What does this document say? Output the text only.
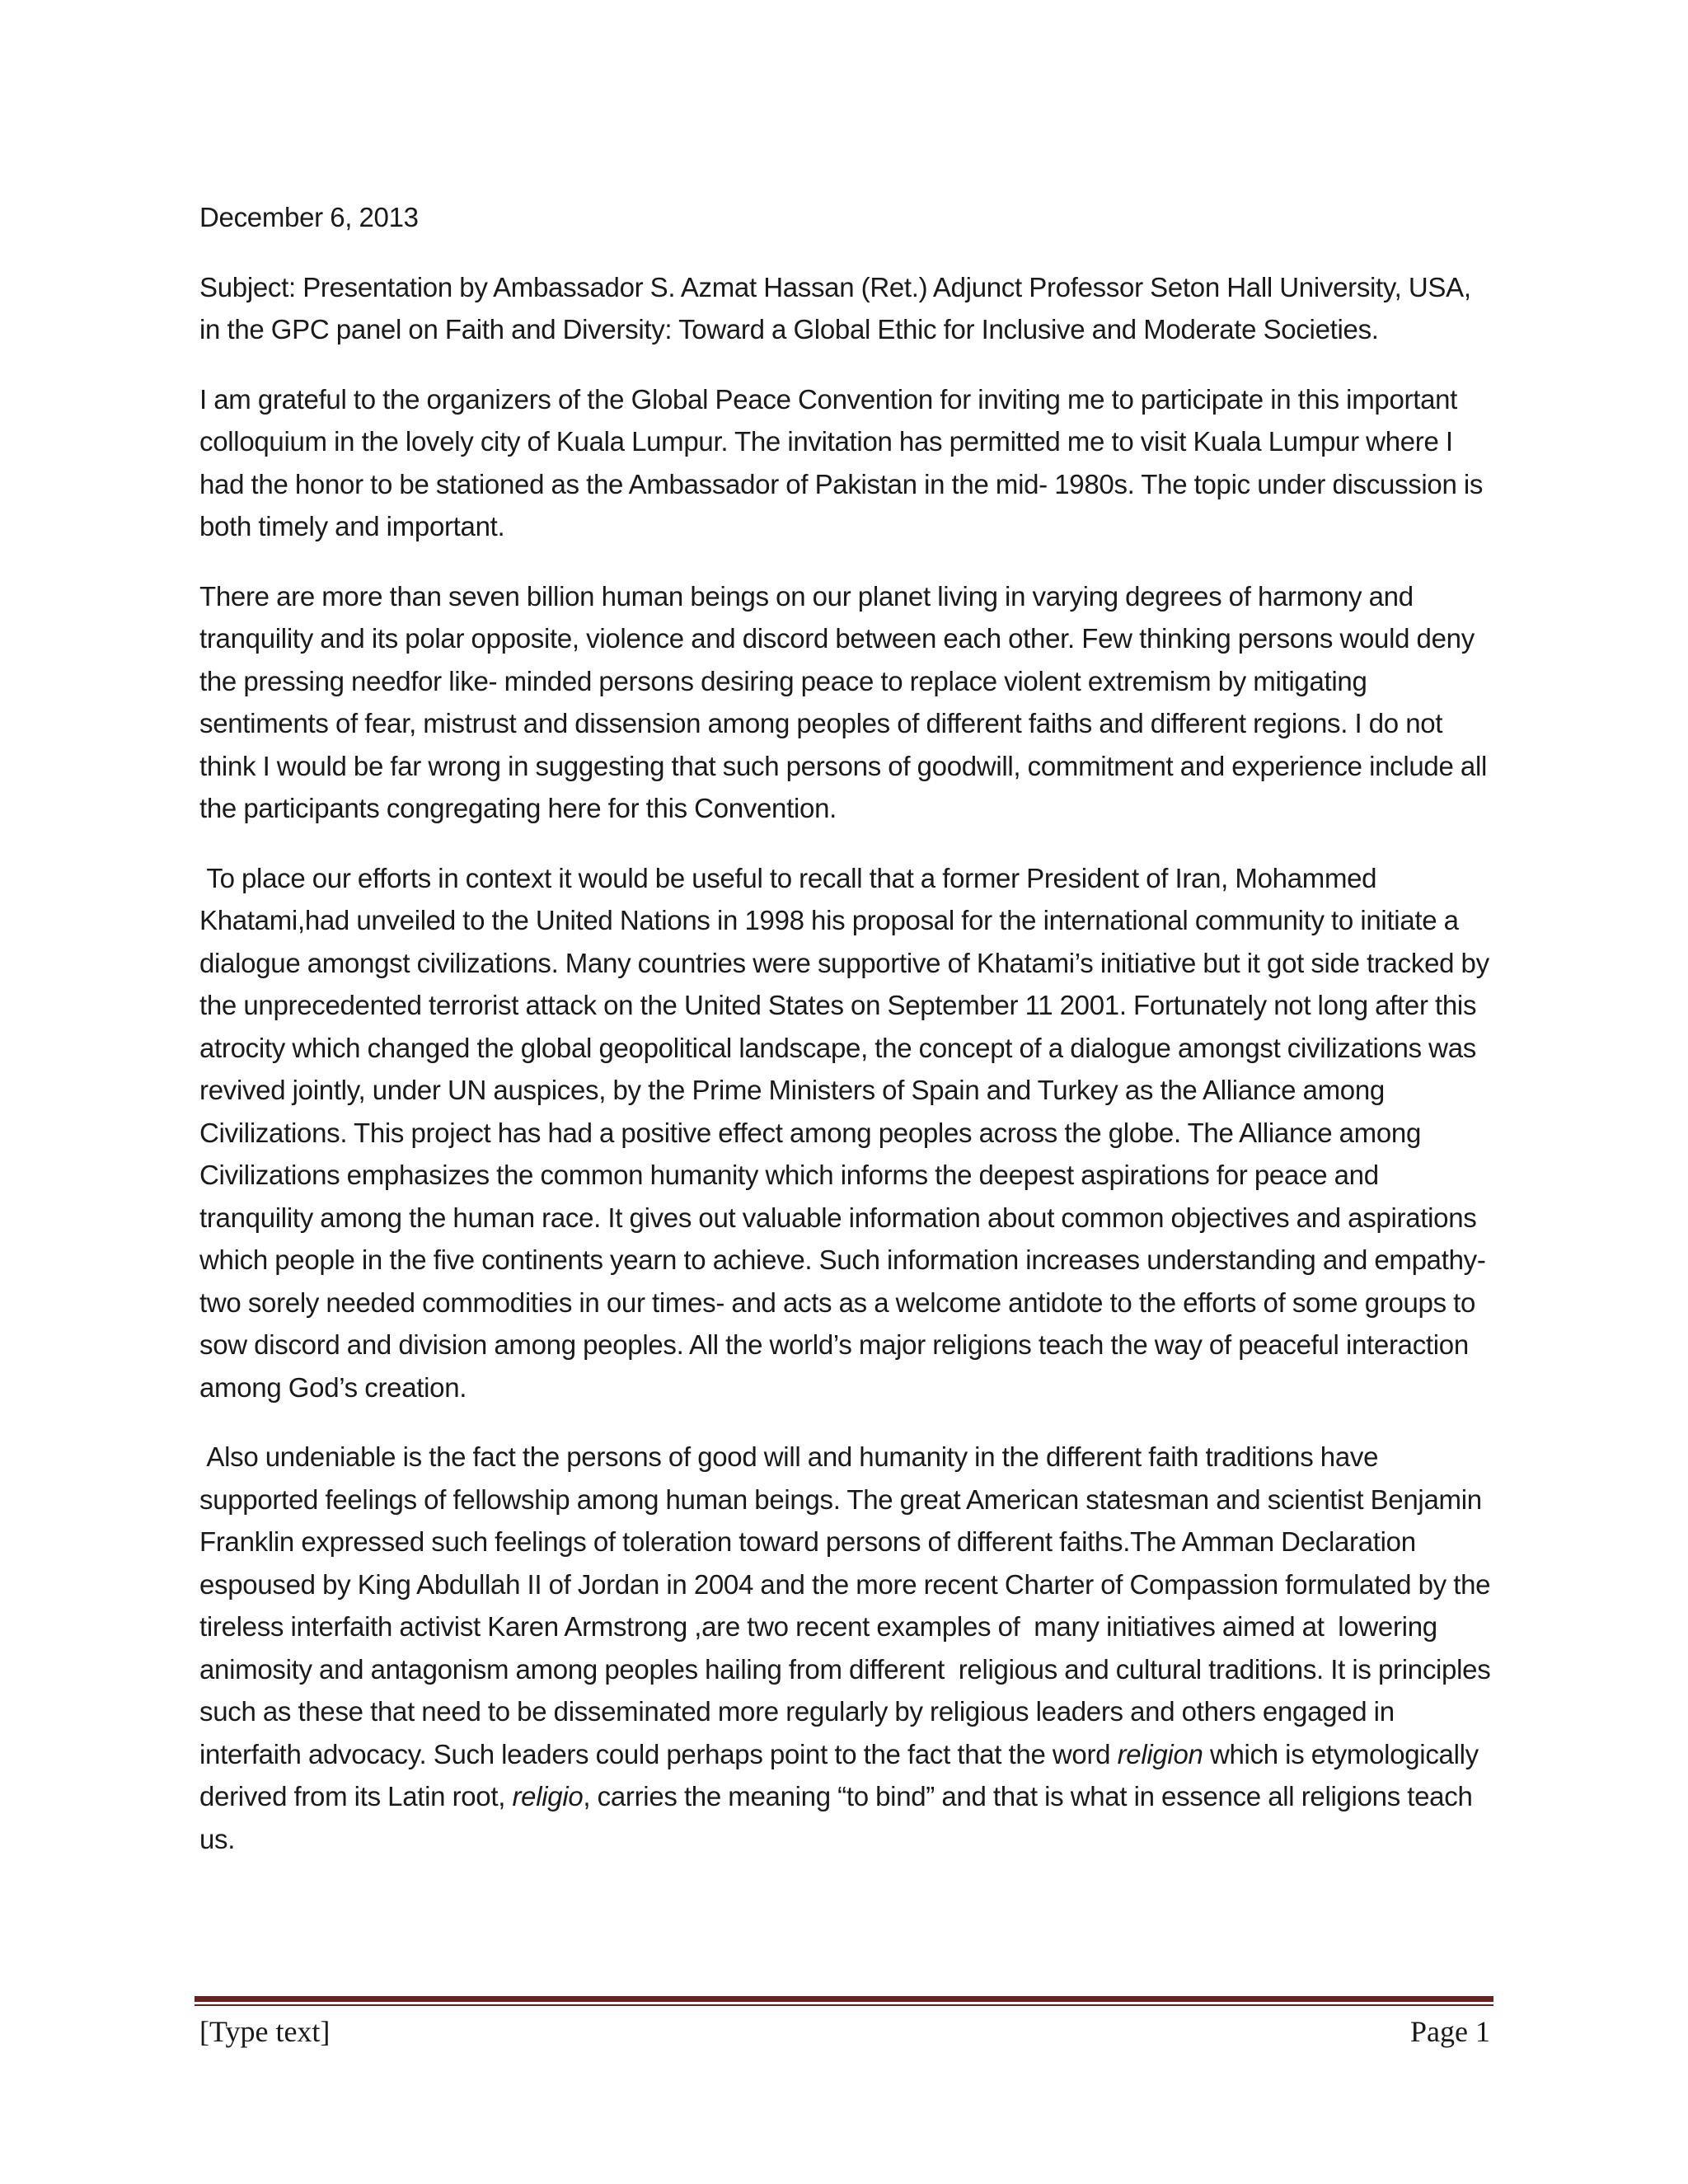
December 6, 2013

Subject: Presentation by Ambassador S. Azmat Hassan (Ret.) Adjunct Professor Seton Hall University, USA, in the GPC panel on Faith and Diversity: Toward a Global Ethic for Inclusive and Moderate Societies.

I am grateful to the organizers of the Global Peace Convention for inviting me to participate in this important colloquium in the lovely city of Kuala Lumpur. The invitation has permitted me to visit Kuala Lumpur where I had the honor to be stationed as the Ambassador of Pakistan in the mid- 1980s. The topic under discussion is both timely and important.

There are more than seven billion human beings on our planet living in varying degrees of harmony and tranquility and its polar opposite, violence and discord between each other. Few thinking persons would deny the pressing needfor like- minded persons desiring peace to replace violent extremism by mitigating sentiments of fear, mistrust and dissension among peoples of different faiths and different regions. I do not think I would be far wrong in suggesting that such persons of goodwill, commitment and experience include all the participants congregating here for this Convention.

To place our efforts in context it would be useful to recall that a former President of Iran, Mohammed Khatami,had unveiled to the United Nations in 1998 his proposal for the international community to initiate a dialogue amongst civilizations. Many countries were supportive of Khatami’s initiative but it got side tracked by the unprecedented terrorist attack on the United States on September 11 2001. Fortunately not long after this atrocity which changed the global geopolitical landscape, the concept of a dialogue amongst civilizations was revived jointly, under UN auspices, by the Prime Ministers of Spain and Turkey as the Alliance among Civilizations. This project has had a positive effect among peoples across the globe. The Alliance among Civilizations emphasizes the common humanity which informs the deepest aspirations for peace and tranquility among the human race. It gives out valuable information about common objectives and aspirations which people in the five continents yearn to achieve. Such information increases understanding and empathy- two sorely needed commodities in our times- and acts as a welcome antidote to the efforts of some groups to sow discord and division among peoples. All the world’s major religions teach the way of peaceful interaction among God’s creation.

Also undeniable is the fact the persons of good will and humanity in the different faith traditions have supported feelings of fellowship among human beings. The great American statesman and scientist Benjamin Franklin expressed such feelings of toleration toward persons of different faiths.The Amman Declaration espoused by King Abdullah II of Jordan in 2004 and the more recent Charter of Compassion formulated by the tireless interfaith activist Karen Armstrong ,are two recent examples of  many initiatives aimed at  lowering animosity and antagonism among peoples hailing from different  religious and cultural traditions. It is principles such as these that need to be disseminated more regularly by religious leaders and others engaged in interfaith advocacy. Such leaders could perhaps point to the fact that the word religion which is etymologically derived from its Latin root, religio, carries the meaning “to bind” and that is what in essence all religions teach us.

[Type text]	Page 1
